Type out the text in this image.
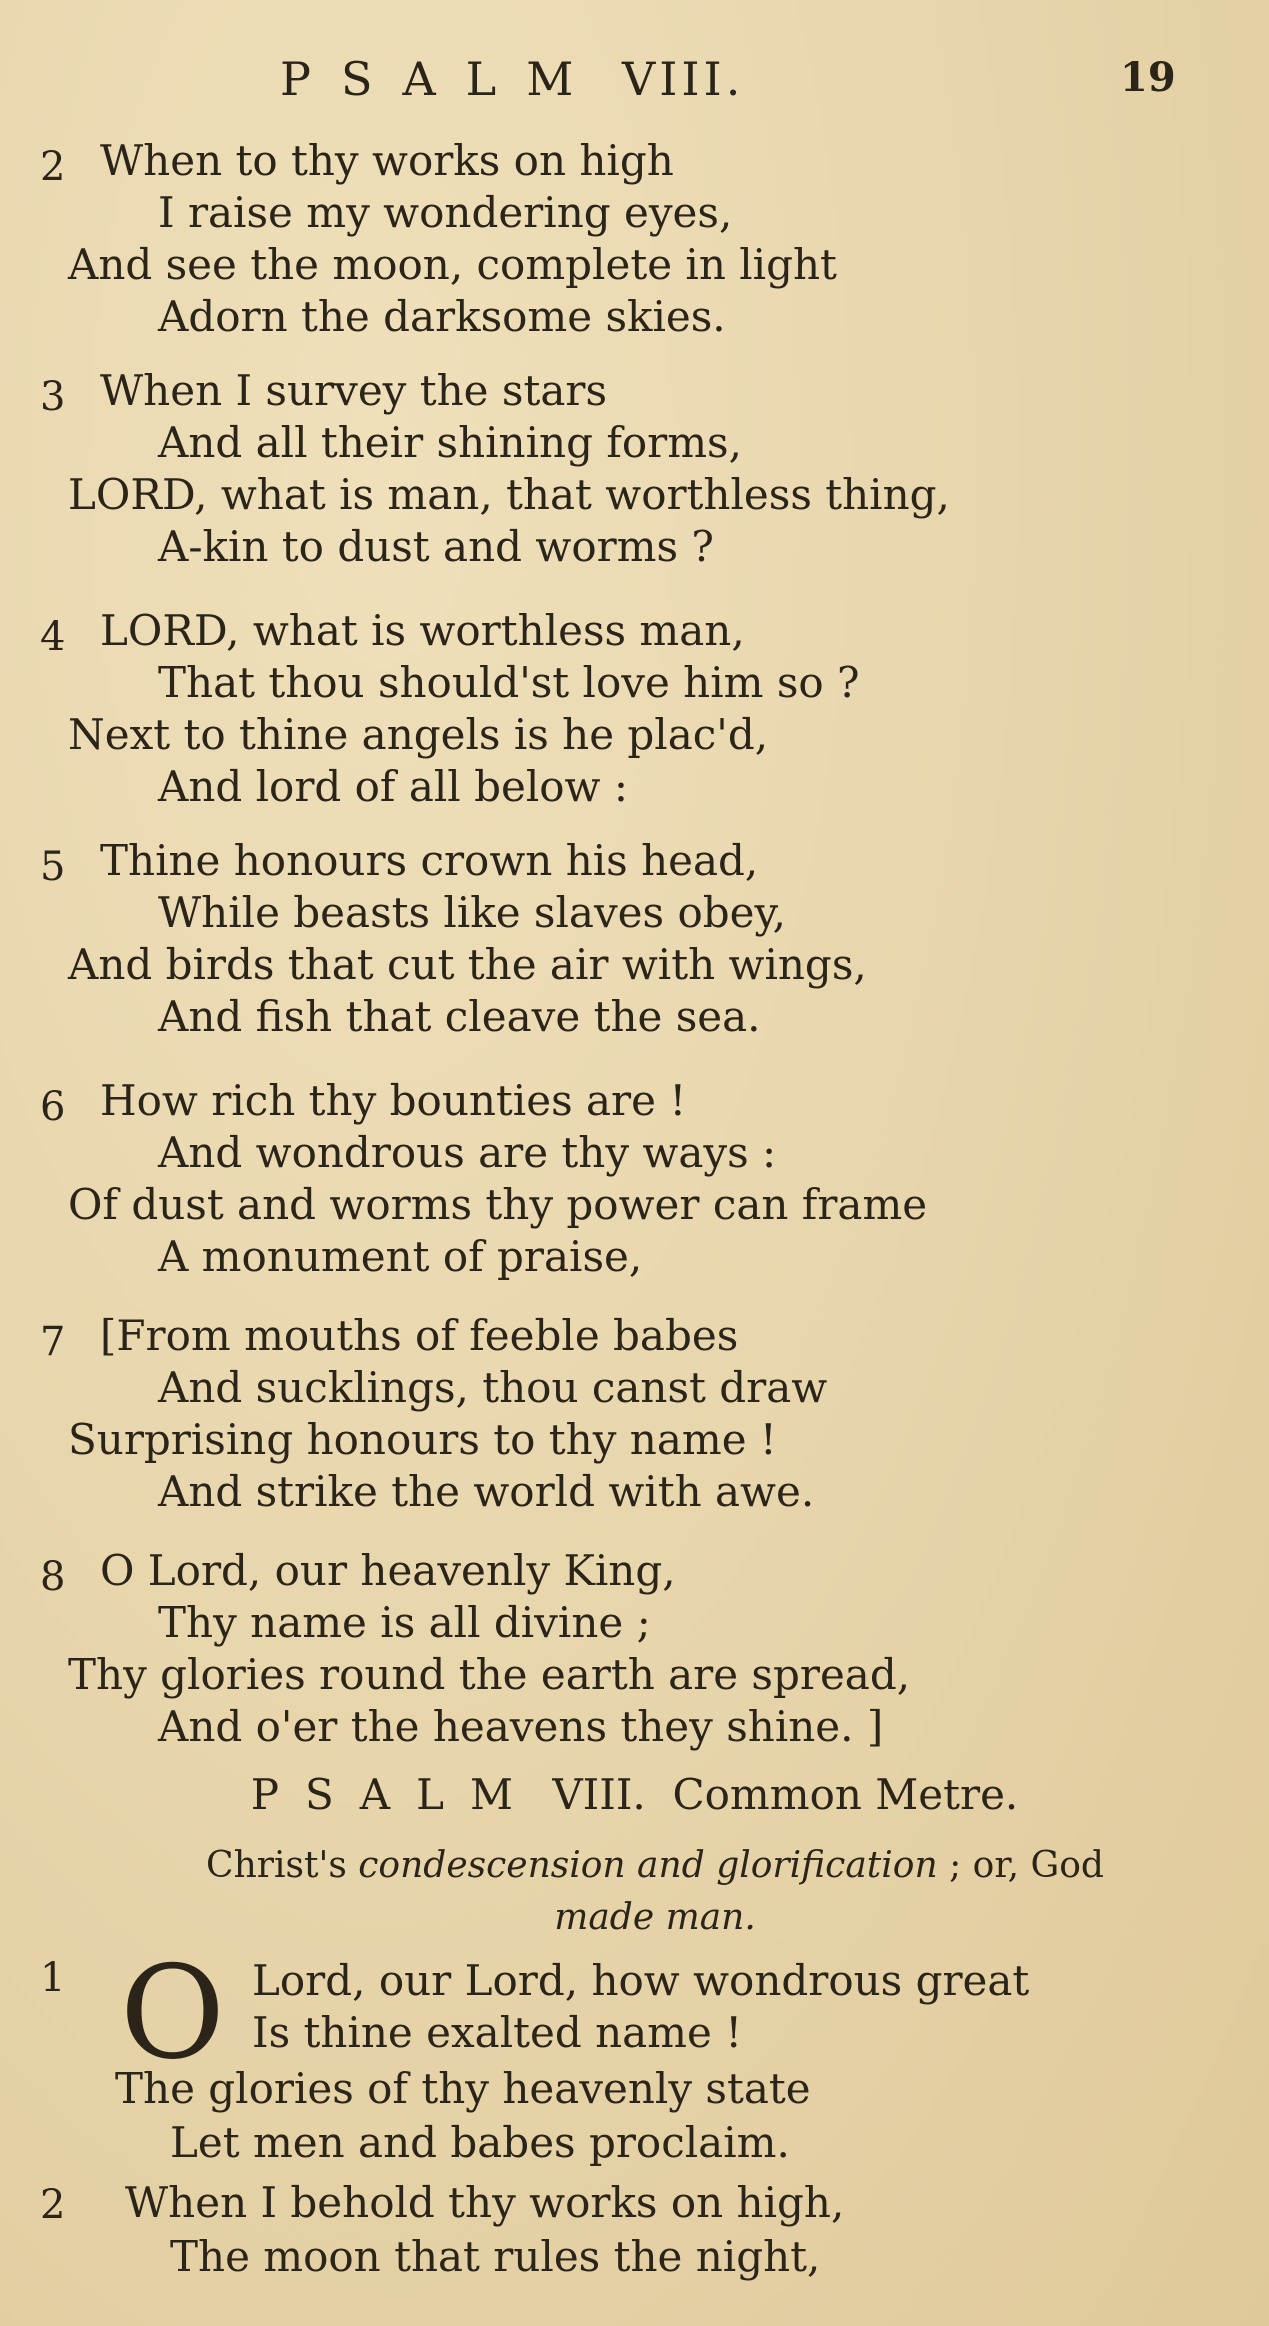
PSALM VIII.	19
2 When to thy works on high
I raise my wondering eyes,
And see the moon, complete in light
Adorn the darksome skies.
3 When I survey the stars
And all their shining forms,
LORD, what is man, that worthless thing,
A-kin to dust and worms ?
4 LORD, what is worthless man,
That thou should'st love him so ?
Next to thine angels is he plac'd,
And lord of all below :
5 Thine honours crown his head,
While beasts like slaves obey,
And birds that cut the air with wings,
And fish that cleave the sea.
6 How rich thy bounties are !
And wondrous are thy ways :
Of dust and worms thy power can frame
A monument of praise,
7 [From mouths of feeble babes
And sucklings, thou canst draw
Surprising honours to thy name !
And strike the world with awe.
8 O Lord, our heavenly King,
Thy name is all divine ;
Thy glories round the earth are spread,
And o'er the heavens they shine. ]
PSALM VIII. Common Metre.
Christ's condescension and glorification ; or, God
made man.
1 O Lord, our Lord, how wondrous great
Is thine exalted name !
The glories of thy heavenly state
Let men and babes proclaim.
2 When I behold thy works on high,
The moon that rules the night,
